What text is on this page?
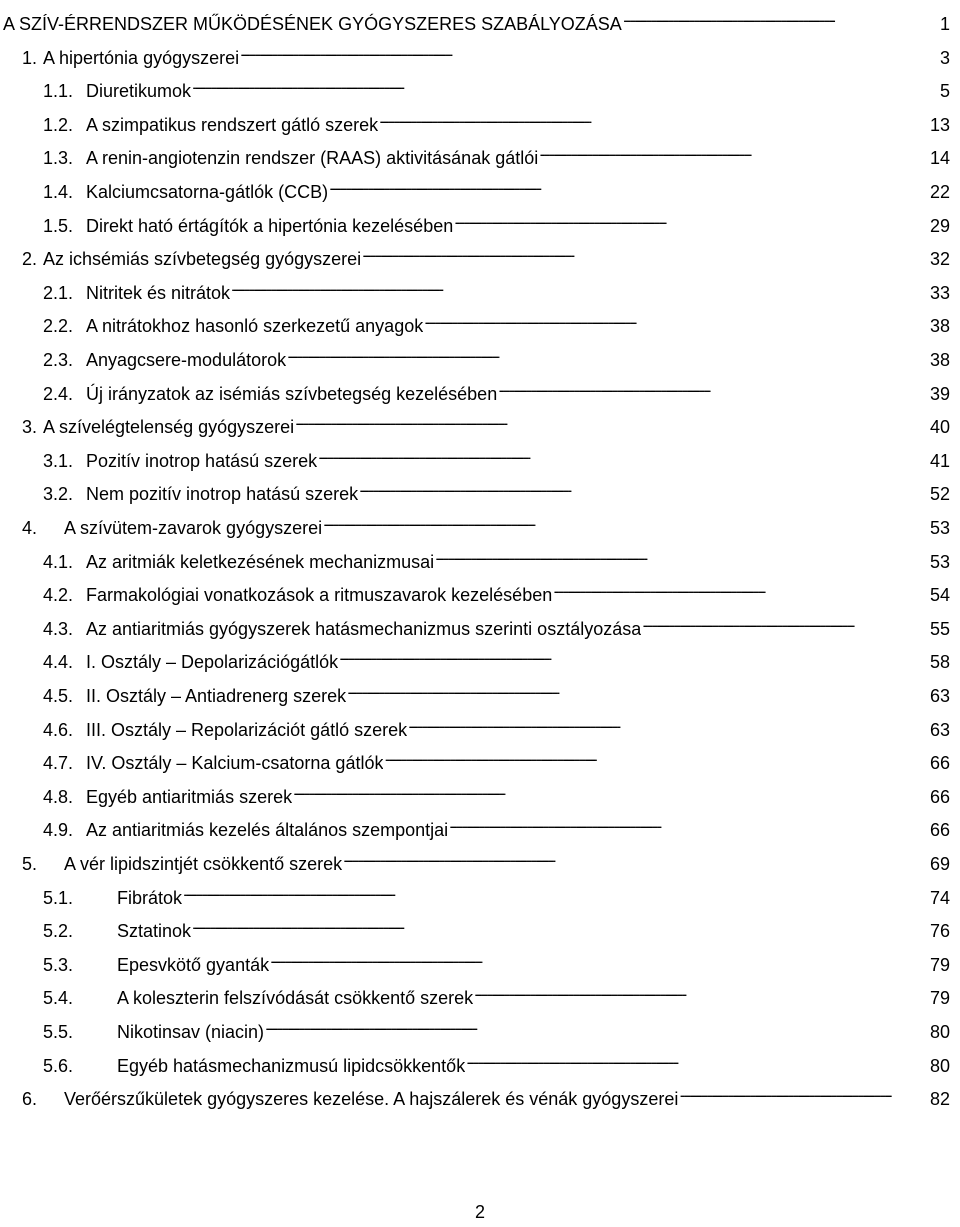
A SZÍV-ÉRRENDSZER MŰKÖDÉSÉNEK GYÓGYSZERES SZABÁLYOZÁSA . . .	1
1. A hipertónia gyógyszerei . . .	3
1.1. Diuretikumok . . .	5
1.2. A szimpatikus rendszert gátló szerek . . .	13
1.3. A renin-angiotenzin rendszer (RAAS) aktivitásának gátlói . . .	14
1.4. Kalciumcsatorna-gátlók (CCB) . . .	22
1.5. Direkt ható értágítók a hipertónia kezelésében . . .	29
2. Az ichsémiás szívbetegség gyógyszerei . . .	32
2.1. Nitritek és nitrátok . . .	33
2.2. A nitrátokhoz hasonló szerkezetű anyagok . . .	38
2.3. Anyagcsere-modulátorok . . .	38
2.4. Új irányzatok az isémiás szívbetegség kezelésében . . .	39
3. A szívelégtelenség gyógyszerei . . .	40
3.1. Pozitív inotrop hatású szerek . . .	41
3.2. Nem pozitív inotrop hatású szerek . . .	52
4.	A szívütem-zavarok gyógyszerei . . .	53
4.1. Az aritmiák keletkezésének mechanizmusai . . .	53
4.2. Farmakológiai vonatkozások a ritmuszavarok kezelésében . . .	54
4.3. Az antiaritmiás gyógyszerek hatásmechanizmus szerinti osztályozása . . .	55
4.4. I. Osztály – Depolarizációgátlók . . .	58
4.5. II. Osztály – Antiadrenerg szerek . . .	63
4.6. III. Osztály – Repolarizációt gátló szerek . . .	63
4.7. IV. Osztály – Kalcium-csatorna gátlók . . .	66
4.8. Egyéb antiaritmiás szerek . . .	66
4.9. Az antiaritmiás kezelés általános szempontjai . . .	66
5.	A vér lipidszintjét csökkentő szerek . . .	69
5.1.	Fibrátok . . .	74
5.2.	Sztatinok . . .	76
5.3.	Epesvkötő gyanták . . .	79
5.4.	A koleszterin felszívódását csökkentő szerek . . .	79
5.5.	Nikotinsav (niacin) . . .	80
5.6.	Egyéb hatásmechanizmusú lipidcsökkentők . . .	80
6.	Verőérszűkületek gyógyszeres kezelése. A hajszálerek és vénák gyógyszerei . . .	82
2
